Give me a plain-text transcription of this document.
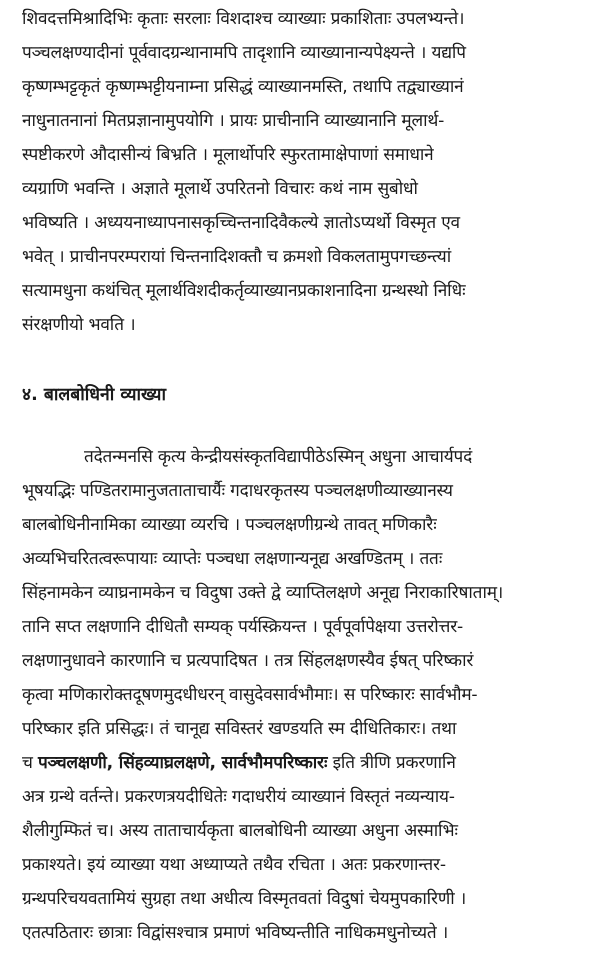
शिवदत्तमिश्रादिभिः कृताः सरलाः विशदाश्च व्याख्याः प्रकाशिताः उपलभ्यन्ते।
पञ्चलक्षण्यादीनां पूर्ववादग्रन्थानामपि तादृशानि व्याख्यानान्यपेक्ष्यन्ते । यद्यपि
कृष्णम्भट्टकृतं कृष्णम्भट्टीयनाम्ना प्रसिद्धं व्याख्यानमस्ति, तथापि तद्व्याख्यानं
नाधुनातनानां मितप्रज्ञानामुपयोगि । प्रायः प्राचीनानि व्याख्यानानि मूलार्थ-
स्पष्टीकरणे औदासीन्यं बिभ्रति । मूलार्थोपरि स्फुरतामाक्षेपाणां समाधाने
व्यग्राणि भवन्ति । अज्ञाते मूलार्थे उपरितनो विचारः कथं नाम सुबोधो
भविष्यति । अध्ययनाध्यापनासकृच्चिन्तनादिवैकल्ये ज्ञातोऽप्यर्थो विस्मृत एव
भवेत् । प्राचीनपरम्परायां चिन्तनादिशक्तौ च क्रमशो विकलतामुपगच्छन्त्यां
सत्यामधुना कथंचित् मूलार्थविशदीकर्तृव्याख्यानप्रकाशनादिना ग्रन्थस्थो निधिः
संरक्षणीयो भवति ।
४. बालबोधिनी व्याख्या
तदेतन्मनसि कृत्य केन्द्रीयसंस्कृतविद्यापीठेऽस्मिन् अधुना आचार्यपदं
भूषयद्भिः पण्डितरामानुजताताचार्यैः गदाधरकृतस्य पञ्चलक्षणीव्याख्यानस्य
बालबोधिनीनामिका व्याख्या व्यरचि । पञ्चलक्षणीग्रन्थे तावत् मणिकारैः
अव्यभिचरितत्वरूपायाः व्याप्तेः पञ्चधा लक्षणान्यनूद्य अखण्डितम् । ततः
सिंहनामकेन व्याघ्रनामकेन च विदुषा उक्ते द्वे व्याप्तिलक्षणे अनूद्य निराकारिषाताम्।
तानि सप्त लक्षणानि दीधितौ सम्यक् पर्यस्क्रियन्त । पूर्वपूर्वापेक्षया उत्तरोत्तर-
लक्षणानुधावने कारणानि च प्रत्यपादिषत । तत्र सिंहलक्षणस्यैव ईषत् परिष्कारं
कृत्वा मणिकारोक्तदूषणमुदधीधरन् वासुदेवसार्वभौमाः। स परिष्कारः सार्वभौम-
परिष्कार इति प्रसिद्धः। तं चानूद्य सविस्तरं खण्डयति स्म दीधितिकारः। तथा
च पञ्चलक्षणी, सिंहव्याघ्रलक्षणे, सार्वभौमपरिष्कारः इति त्रीणि प्रकरणानि
अत्र ग्रन्थे वर्तन्ते। प्रकरणत्रयदीधितेः गदाधरीयं व्याख्यानं विस्तृतं नव्यन्याय-
शैलीगुम्फितं च। अस्य ताताचार्यकृता बालबोधिनी व्याख्या अधुना अस्माभिः
प्रकाश्यते। इयं व्याख्या यथा अध्याप्यते तथैव रचिता । अतः प्रकरणान्तर-
ग्रन्थपरिचयवतामियं सुग्रहा तथा अधीत्य विस्मृतवतां विदुषां चेयमुपकारिणी ।
एतत्पठितारः छात्राः विद्वांसश्चात्र प्रमाणं भविष्यन्तीति नाधिकमधुनोच्यते ।
